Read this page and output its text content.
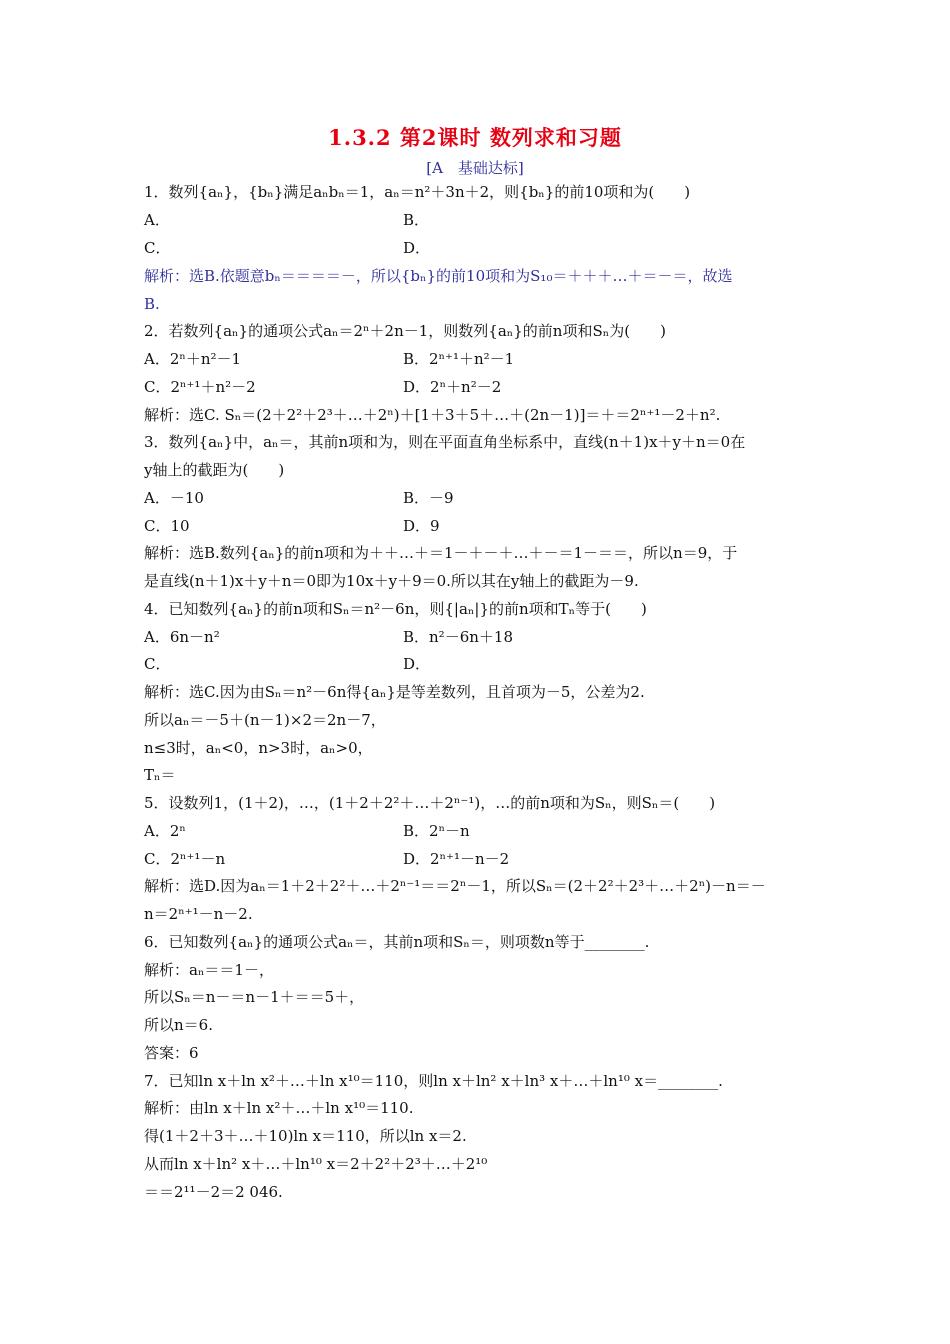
1.3.2 第2课时 数列求和习题
[A　基础达标]
1．数列{aₙ}，{bₙ}满足aₙbₙ＝1，aₙ＝n²＋3n＋2，则{bₙ}的前10项和为(　　)
A．	B．
C．	D．
解析：选B.依题意bₙ＝＝＝＝－，所以{bₙ}的前10项和为S₁₀＝＋＋＋…＋＝－＝，故选
B.
2．若数列{aₙ}的通项公式aₙ＝2ⁿ＋2n－1，则数列{aₙ}的前n项和Sₙ为(　　)
A．2ⁿ＋n²－1	B．2ⁿ⁺¹＋n²－1
C．2ⁿ⁺¹＋n²－2	D．2ⁿ＋n²－2
解析：选C. Sₙ＝(2＋2²＋2³＋…＋2ⁿ)＋[1＋3＋5＋…＋(2n－1)]＝＋＝2ⁿ⁺¹－2＋n².
3．数列{aₙ}中，aₙ＝，其前n项和为，则在平面直角坐标系中，直线(n＋1)x＋y＋n＝0在
y轴上的截距为(　　)
A．－10	B．－9
C．10	D．9
解析：选B.数列{aₙ}的前n项和为＋＋…＋＝1－＋－＋…＋－＝1－＝＝，所以n＝9，于
是直线(n＋1)x＋y＋n＝0即为10x＋y＋9＝0.所以其在y轴上的截距为－9.
4．已知数列{aₙ}的前n项和Sₙ＝n²－6n，则{|aₙ|}的前n项和Tₙ等于(　　)
A．6n－n²	B．n²－6n＋18
C．	D．
解析：选C.因为由Sₙ＝n²－6n得{aₙ}是等差数列，且首项为－5，公差为2.
所以aₙ＝－5＋(n－1)×2＝2n－7，
n≤3时，aₙ<0，n>3时，aₙ>0，
Tₙ＝
5．设数列1，(1＋2)，…，(1＋2＋2²＋…＋2ⁿ⁻¹)，…的前n项和为Sₙ，则Sₙ＝(　　)
A．2ⁿ	B．2ⁿ－n
C．2ⁿ⁺¹－n	D．2ⁿ⁺¹－n－2
解析：选D.因为aₙ＝1＋2＋2²＋…＋2ⁿ⁻¹＝＝2ⁿ－1，所以Sₙ＝(2＋2²＋2³＋…＋2ⁿ)－n＝－
n＝2ⁿ⁺¹－n－2.
6．已知数列{aₙ}的通项公式aₙ＝，其前n项和Sₙ＝，则项数n等于________.
解析：aₙ＝＝1－，
所以Sₙ＝n－＝n－1＋＝＝5＋，
所以n＝6.
答案：6
7．已知ln x＋ln x²＋…＋ln x¹⁰＝110，则ln x＋ln² x＋ln³ x＋…＋ln¹⁰ x＝________.
解析：由ln x＋ln x²＋…＋ln x¹⁰＝110.
得(1＋2＋3＋…＋10)ln x＝110，所以ln x＝2.
从而ln x＋ln² x＋…＋ln¹⁰ x＝2＋2²＋2³＋…＋2¹⁰
＝＝2¹¹－2＝2 046.
